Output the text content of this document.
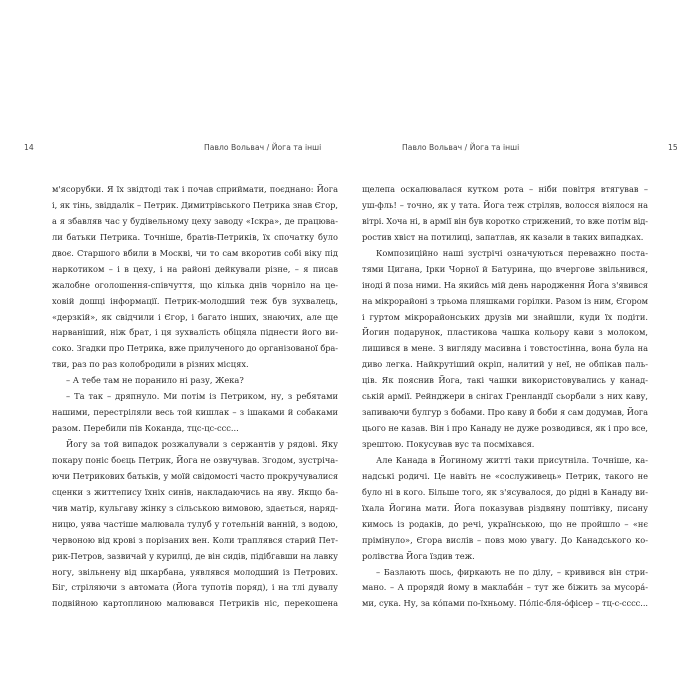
14	Павло Вольвач / Йога та інші
м'ясорубки. Я їх звідтоді так і почав сприймати, поєднано: Йога
і, як тінь, звіддалік – Петрик. Димитрівського Петрика знав Єгор,
а я збавляв час у будівельному цеху заводу «Іскра», де працюва-
ли батьки Петрика. Точніше, братів-Петриків, їх спочатку було
двоє. Старшого вбили в Москві, чи то сам вкоротив собі віку під
наркотиком – і в цеху, і на районі дейкували різне, – я писав
жалобне оголошення-співчуття, що кілька днів чорніло на це-
ховій дошці інформації. Петрик-молодший теж був зухвалець,
«дерзкій», як свідчили і Єгор, і багато інших, знаючих, але ще
нарваніший, ніж брат, і ця зухвалість обіцяла піднести його ви-
соко. Згадки про Петрика, вже прилученого до організованої бра-
тви, раз по раз колобродили в різних місцях.
– А тебе там не поранило ні разу, Жека?
– Та так – дряпнуло. Ми потім із Петриком, ну, з ребятами
нашими, перестріляли весь той кишлак – з ішаками й собаками
разом. Перебили пів Коканда, тцс-цс-ссс...
Йогу за той випадок розжалували з сержантів у рядові. Яку
покару поніс боєць Петрик, Йога не озвучував. Згодом, зустріча-
ючи Петрикових батьків, у моїй свідомості часто прокручувалися
сценки з життепису їхніх синів, накладаючись на яву. Якщо ба-
чив матір, кульгаву жінку з сільською вимовою, здається, наряд-
ницю, уява частіше малювала тулуб у готельній ванній, з водою,
червоною від крові з порізаних вен. Коли траплявся старий Пет-
рик-Петров, зазвичай у курилці, де він сидів, підібгавши на лавку
ногу, звільнену від шкарбана, уявлявся молодший із Петрових.
Біг, стріляючи з автомата (Йога тупотів поряд), і на тлі дувалу
подвійною картоплиною малювався Петриків ніс, перекошена
Павло Вольвач / Йога та інші	15
щелепа оскалювалася кутком рота – ніби повітря втягував –
уш-фль! – точно, як у тата. Йога теж стріляв, волосся віялося на
вітрі. Хоча ні, в армії він був коротко стрижений, то вже потім від-
ростив хвіст на потилиці, запатлав, як казали в таких випадках.
Композиційно наші зустрічі означуються переважно поста-
тями Цигана, Ірки Чорної й Батурина, що вчергове звільнився,
іноді й поза ними. На якийсь мій день народження Йога з'явився
на мікрорайоні з трьома пляшками горілки. Разом із ним, Єгором
і гуртом мікрорайонських друзів ми знайшли, куди їх подіти.
Йогин подарунок, пластикова чашка кольору кави з молоком,
лишився в мене. З вигляду масивна і товстостінна, вона була на
диво легка. Найкрутіший окріп, налитий у неї, не обпікав паль-
ців. Як пояснив Йога, такі чашки використовувались у канад-
ській армії. Рейнджери в снігах Гренландії сьорбали з них каву,
запиваючи булгур з бобами. Про каву й боби я сам додумав, Йога
цього не казав. Він і про Канаду не дуже розводився, як і про все,
зрештою. Покусував вус та посміхався.
Але Канада в Йогиному житті таки присутніла. Точніше, ка-
надські родичі. Це навіть не «сослуживець» Петрик, такого не
було ні в кого. Більше того, як з'ясувалося, до рідні в Канаду ви-
їхала Йогина мати. Йога показував різдвяну поштівку, писану
кимось із родаків, до речі, українською, що не пройшло – «нє
прімінуло», Єгора вислів – повз мою увагу. До Канадського ко-
ролівства Йога їздив теж.
– Базлають шось, фиркають не по ділу, – кривився він стри-
мано. – А прорядй йому в маклабáн – тут же біжить за мусорá-
ми, сука. Ну, за кóпами по-їхньому. Пóліс-бля-óфісер – тц-с-сссс...
